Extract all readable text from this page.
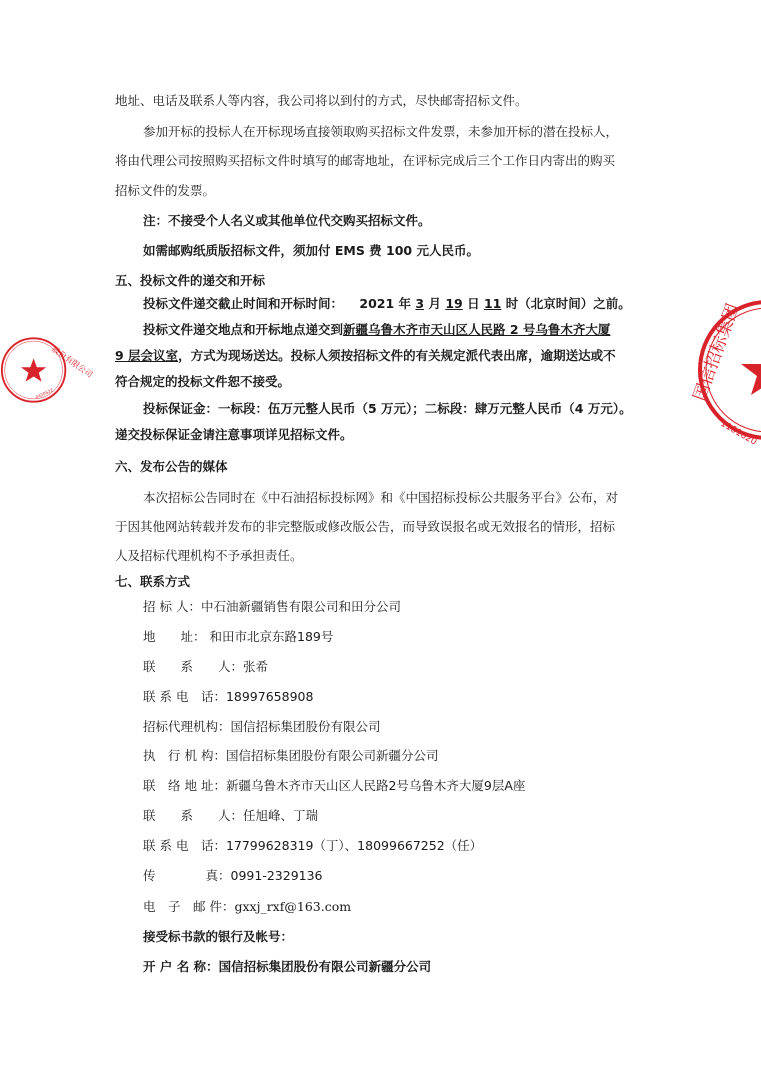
股份有限公司
0420522	国信招标集团
1101020
地址、电话及联系人等内容，我公司将以到付的方式，尽快邮寄招标文件。
参加开标的投标人在开标现场直接领取购买招标文件发票，未参加开标的潜在投标人，
将由代理公司按照购买招标文件时填写的邮寄地址，在评标完成后三个工作日内寄出的购买
招标文件的发票。
注：不接受个人名义或其他单位代交购买招标文件。
如需邮购纸质版招标文件，须加付 EMS 费 100 元人民币。
五、投标文件的递交和开标
投标文件递交截止时间和开标时间： 2021 年 3 月 19 日 11 时（北京时间）之前。
投标文件递交地点和开标地点递交到新疆乌鲁木齐市天山区人民路 2 号乌鲁木齐大厦
9 层会议室，方式为现场送达。投标人须按招标文件的有关规定派代表出席，逾期送达或不
符合规定的投标文件恕不接受。
投标保证金：一标段：伍万元整人民币（5 万元）；二标段：肆万元整人民币（4 万元）。
递交投标保证金请注意事项详见招标文件。
六、发布公告的媒体
本次招标公告同时在《中石油招标投标网》和《中国招标投标公共服务平台》公布，对
于因其他网站转载并发布的非完整版或修改版公告，而导致误报名或无效报名的情形，招标
人及招标代理机构不予承担责任。
七、联系方式
招 标 人：中石油新疆销售有限公司和田分公司
地　　址： 和田市北京东路189号
联　　系　　人：张希
联 系 电　话：18997658908
招标代理机构：国信招标集团股份有限公司
执　行 机 构：国信招标集团股份有限公司新疆分公司
联　络 地 址：新疆乌鲁木齐市天山区人民路2号乌鲁木齐大厦9层A座
联　　系　　人：任旭峰、丁瑞
联 系 电　话：17799628319（丁）、18099667252（任）
传　　　　真：0991-2329136
电　子　邮 件：gxxj_rxf@163.com
接受标书款的银行及帐号：
开 户 名 称：国信招标集团股份有限公司新疆分公司
